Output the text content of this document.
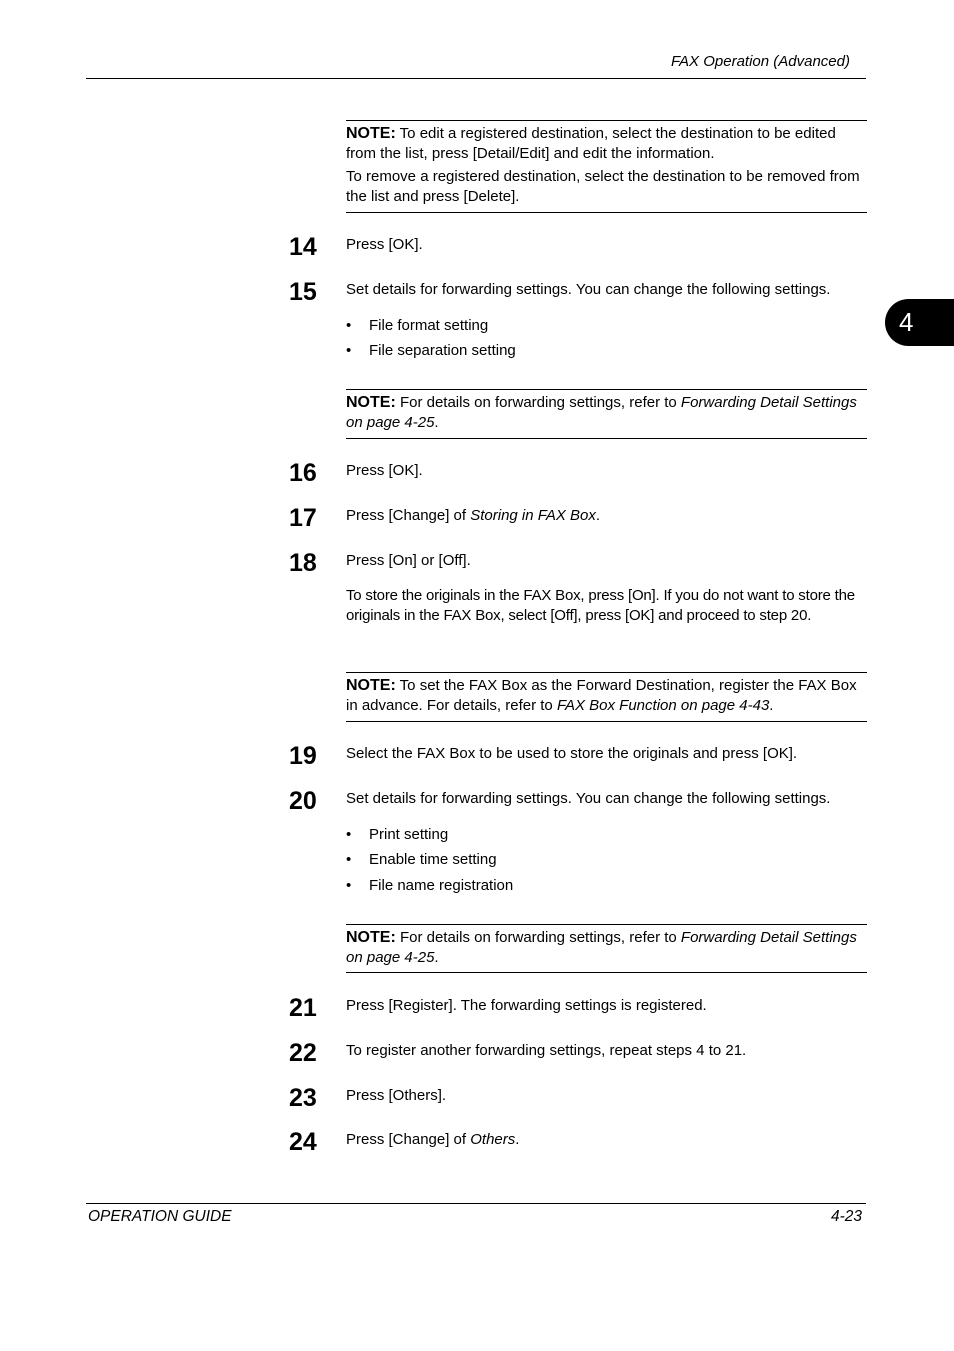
FAX Operation (Advanced)
4

NOTE: To edit a registered destination, select the destination to be edited from the list, press [Detail/Edit] and edit the information.

To remove a registered destination, select the destination to be removed from the list and press [Delete].

14 Press [OK].
15 Set details for forwarding settings. You can change the following settings.
• File format setting
• File separation setting

NOTE: For details on forwarding settings, refer to Forwarding Detail Settings on page 4-25.

16 Press [OK].
17 Press [Change] of Storing in FAX Box.
18 Press [On] or [Off].
To store the originals in the FAX Box, press [On]. If you do not want to store the originals in the FAX Box, select [Off], press [OK] and proceed to step 20.

NOTE: To set the FAX Box as the Forward Destination, register the FAX Box in advance. For details, refer to FAX Box Function on page 4-43.

19 Select the FAX Box to be used to store the originals and press [OK].
20 Set details for forwarding settings. You can change the following settings.
• Print setting
• Enable time setting
• File name registration

NOTE: For details on forwarding settings, refer to Forwarding Detail Settings on page 4-25.

21 Press [Register]. The forwarding settings is registered.
22 To register another forwarding settings, repeat steps 4 to 21.
23 Press [Others].
24 Press [Change] of Others.
OPERATION GUIDE	4-23
